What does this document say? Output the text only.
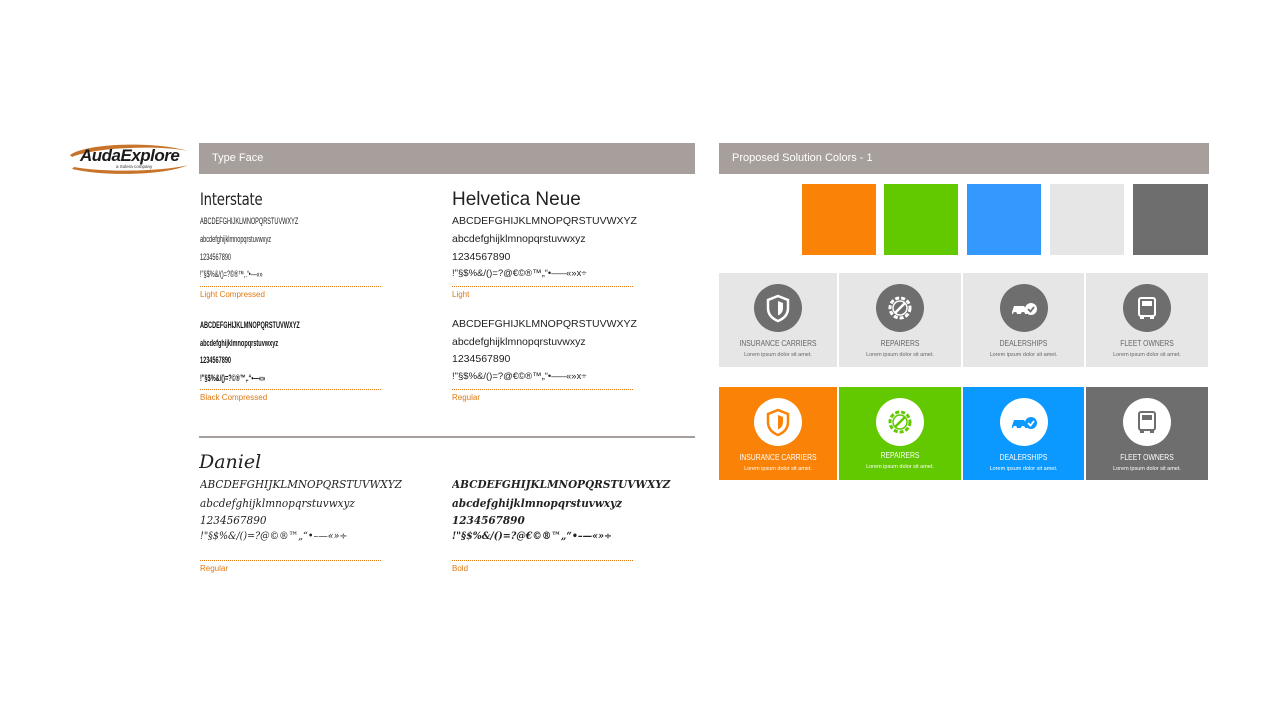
AudaExplore
a Solera company
Type Face	Proposed Solution Colors - 1
Interstate
ABCDEFGHIJKLMNOPQRSTUVWXYZ
abcdefghijklmnopqrstuvwxyz
1234567890
!"§$%&/()=?©®™,.“•—«»
Light Compressed
ABCDEFGHIJKLMNOPQRSTUVWXYZ
abcdefghijklmnopqrstuvwxyz
1234567890
!"§$%&/()=?©®™,.“•—«»
Black Compressed
Helvetica Neue
ABCDEFGHIJKLMNOPQRSTUVWXYZ
abcdefghijklmnopqrstuvwxyz
1234567890
!"§$%&/()=?@€©®™„“•–—«»x÷
Light
ABCDEFGHIJKLMNOPQRSTUVWXYZ
abcdefghijklmnopqrstuvwxyz
1234567890
!"§$%&/()=?@€©®™„“•–—«»x÷
Regular
Daniel
ABCDEFGHIJKLMNOPQRSTUVWXYZ
abcdefghijklmnopqrstuvwxyz
1234567890
!"§$%&/()=?@©®™„“•–—«»÷
Regular
ABCDEFGHIJKLMNOPQRSTUVWXYZ
abcdefghijklmnopqrstuvwxyz
1234567890
!"§$%&/()=?@€©®™„“•–—«»÷
Bold
INSURANCE CARRIERS
Lorem ipsum dolor sit amet.
REPAIRERS
Lorem ipsum dolor sit amet.
DEALERSHIPS
Lorem ipsum dolor sit amet.
FLEET OWNERS
Lorem ipsum dolor sit amet.
INSURANCE CARRIERS
Lorem ipsum dolor sit amet.
REPAIRERS
Lorem ipsum dolor sit amet.
DEALERSHIPS
Lorem ipsum dolor sit amet.
FLEET OWNERS
Lorem ipsum dolor sit amet.
